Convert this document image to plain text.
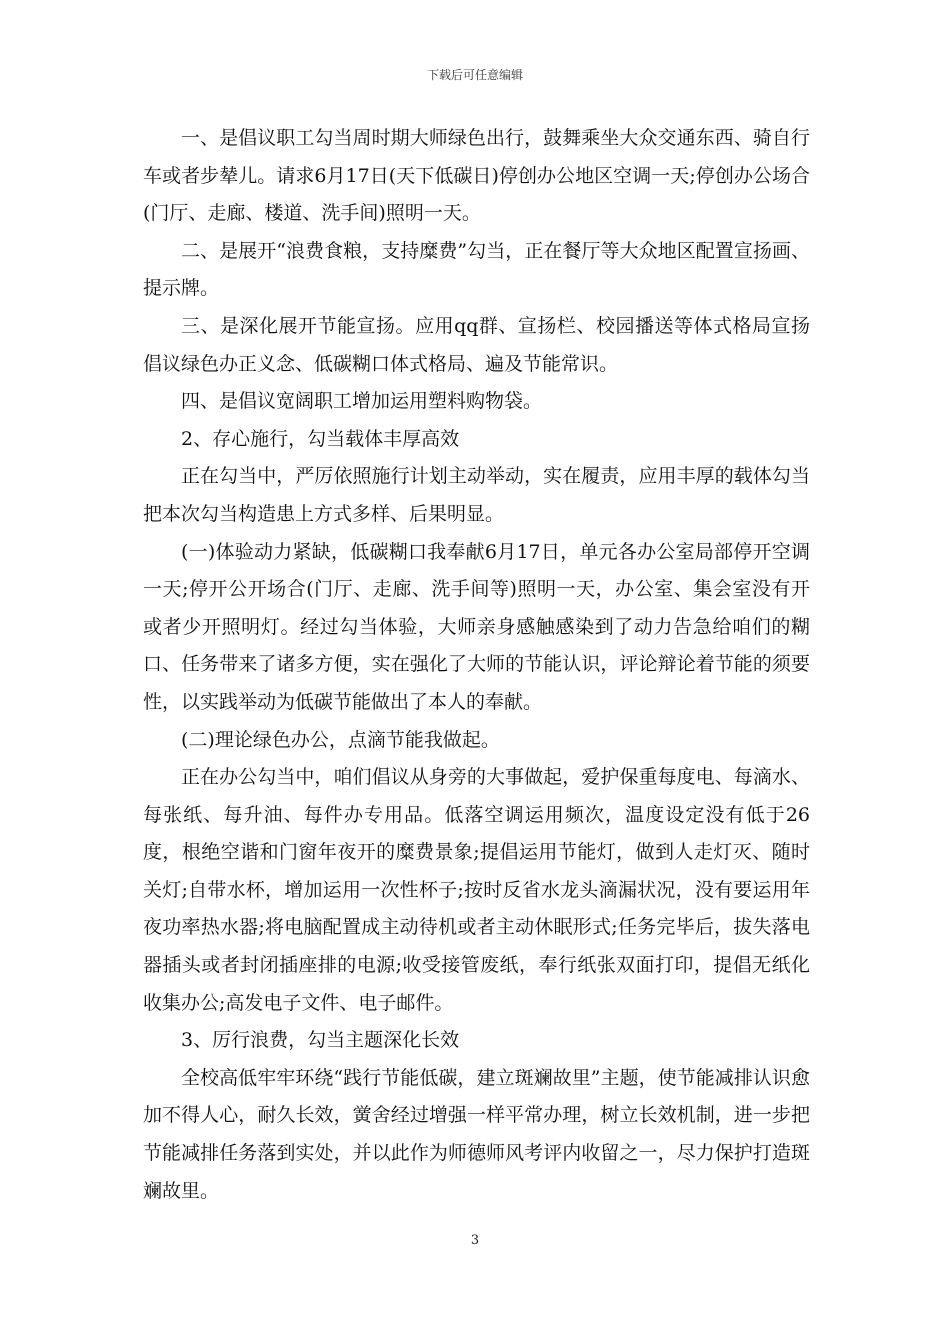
下载后可任意编辑

一、是倡议职工勾当周时期大师绿色出行，鼓舞乘坐大众交通东西、骑自行车或者步辇儿。请求6月17日(天下低碳日)停创办公地区空调一天;停创办公场合(门厅、走廊、楼道、洗手间)照明一天。

二、是展开“浪费食粮，支持糜费”勾当，正在餐厅等大众地区配置宣扬画、提示牌。

三、是深化展开节能宣扬。应用qq群、宣扬栏、校园播送等体式格局宣扬倡议绿色办正义念、低碳糊口体式格局、遍及节能常识。

四、是倡议宽阔职工增加运用塑料购物袋。

2、存心施行，勾当载体丰厚高效

正在勾当中，严厉依照施行计划主动举动，实在履责，应用丰厚的载体勾当把本次勾当构造患上方式多样、后果明显。

(一)体验动力紧缺，低碳糊口我奉献6月17日，单元各办公室局部停开空调一天;停开公开场合(门厅、走廊、洗手间等)照明一天，办公室、集会室没有开或者少开照明灯。经过勾当体验，大师亲身感触感染到了动力告急给咱们的糊口、任务带来了诸多方便，实在强化了大师的节能认识，评论辩论着节能的须要性，以实践举动为低碳节能做出了本人的奉献。

(二)理论绿色办公，点滴节能我做起。

正在办公勾当中，咱们倡议从身旁的大事做起，爱护保重每度电、每滴水、每张纸、每升油、每件办专用品。低落空调运用频次，温度设定没有低于26度，根绝空谐和门窗年夜开的糜费景象;提倡运用节能灯，做到人走灯灭、随时关灯;自带水杯，增加运用一次性杯子;按时反省水龙头滴漏状况，没有要运用年夜功率热水器;将电脑配置成主动待机或者主动休眠形式;任务完毕后，拔失落电器插头或者封闭插座排的电源;收受接管废纸，奉行纸张双面打印，提倡无纸化收集办公;高发电子文件、电子邮件。

3、厉行浪费，勾当主题深化长效

全校高低牢牢环绕“践行节能低碳，建立斑斓故里”主题，使节能减排认识愈加不得人心，耐久长效，黉舍经过增强一样平常办理，树立长效机制，进一步把节能减排任务落到实处，并以此作为师德师风考评内收留之一，尽力保护打造斑斓故里。

3
